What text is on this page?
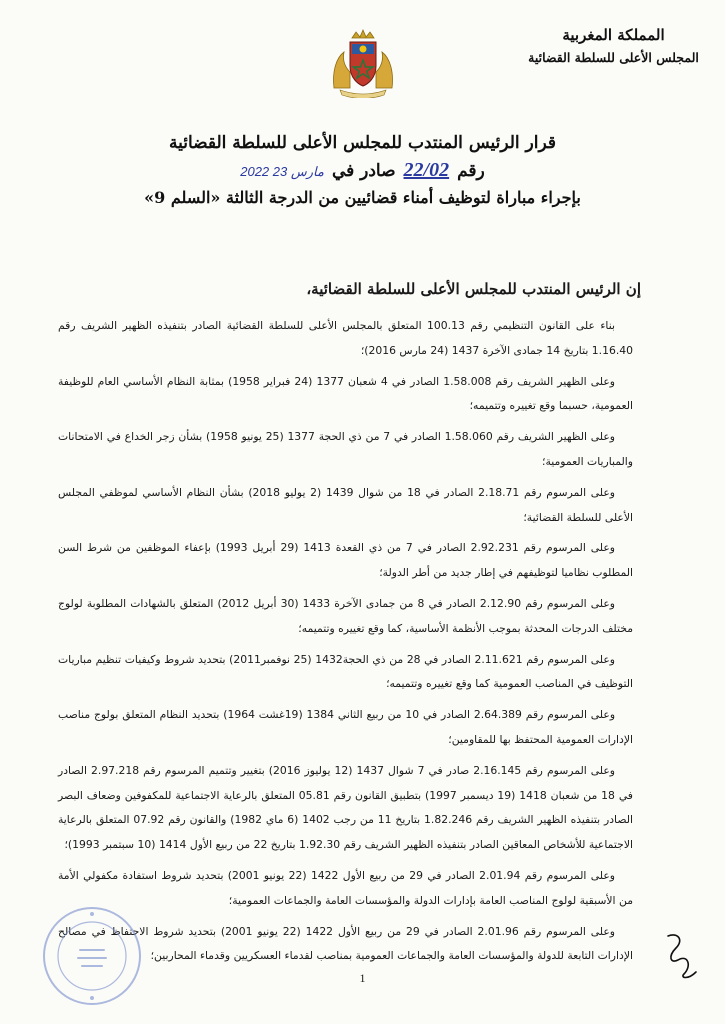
المملكة المغربية
المجلس الأعلى للسلطة القضائية
قرار الرئيس المنتدب للمجلس الأعلى للسلطة القضائية
رقم
22/02
صادر في
2022 مارس 23
بإجراء مباراة لتوظيف أمناء قضائيين من الدرجة الثالثة «السلم 9»
إن الرئيس المنتدب للمجلس الأعلى للسلطة القضائية،

بناء على القانون التنظيمي رقم 100.13 المتعلق بالمجلس الأعلى للسلطة القضائية الصادر بتنفيذه الظهير الشريف رقم 1.16.40 بتاريخ 14 جمادى الآخرة 1437 (24 مارس 2016)؛

وعلى الظهير الشريف رقم 1.58.008 الصادر في 4 شعبان 1377 (24 فبراير 1958) بمثابة النظام الأساسي العام للوظيفة العمومية، حسبما وقع تغييره وتتميمه؛

وعلى الظهير الشريف رقم 1.58.060 الصادر في 7 من ذي الحجة 1377 (25 يونيو 1958) بشأن زجر الخداع في الامتحانات والمباريات العمومية؛

وعلى المرسوم رقم 2.18.71 الصادر في 18 من شوال 1439 (2 يوليو 2018) بشأن النظام الأساسي لموظفي المجلس الأعلى للسلطة القضائية؛

وعلى المرسوم رقم 2.92.231 الصادر في 7 من ذي القعدة 1413 (29 أبريل 1993) بإعفاء الموظفين من شرط السن المطلوب نظاميا لتوظيفهم في إطار جديد من أطر الدولة؛

وعلى المرسوم رقم 2.12.90 الصادر في 8 من جمادى الآخرة 1433 (30 أبريل 2012) المتعلق بالشهادات المطلوبة لولوج مختلف الدرجات المحدثة بموجب الأنظمة الأساسية، كما وقع تغييره وتتميمه؛

وعلى المرسوم رقم 2.11.621 الصادر في 28 من ذي الحجة1432 (25 نوفمبر2011) بتحديد شروط وكيفيات تنظيم مباريات التوظيف في المناصب العمومية كما وقع تغييره وتتميمه؛

وعلى المرسوم رقم 2.64.389 الصادر في 10 من ربيع الثاني 1384 (19غشت 1964) بتحديد النظام المتعلق بولوج مناصب الإدارات العمومية المحتفظ بها للمقاومين؛

وعلى المرسوم رقم 2.16.145 صادر في 7 شوال 1437 (12 يوليوز 2016) بتغيير وتتميم المرسوم رقم 2.97.218 الصادر في 18 من شعبان 1418 (19 ديسمبر 1997) بتطبيق القانون رقم 05.81 المتعلق بالرعاية الاجتماعية للمكفوفين وضعاف البصر الصادر بتنفيذه الظهير الشريف رقم 1.82.246 بتاريخ 11 من رجب 1402 (6 ماي 1982) والقانون رقم 07.92 المتعلق بالرعاية الاجتماعية للأشخاص المعاقين الصادر بتنفيذه الظهير الشريف رقم 1.92.30 بتاريخ 22 من ربيع الأول 1414 (10 سبتمبر 1993)؛

وعلى المرسوم رقم 2.01.94 الصادر في 29 من ربيع الأول 1422 (22 يونيو 2001) بتحديد شروط استفادة مكفولي الأمة من الأسبقية لولوج المناصب العامة بإدارات الدولة والمؤسسات العامة والجماعات العمومية؛

وعلى المرسوم رقم 2.01.96 الصادر في 29 من ربيع الأول 1422 (22 يونيو 2001) بتحديد شروط الاحتفاظ في مصالح الإدارات التابعة للدولة والمؤسسات العامة والجماعات العمومية بمناصب لقدماء العسكريين وقدماء المحاربين؛

1
